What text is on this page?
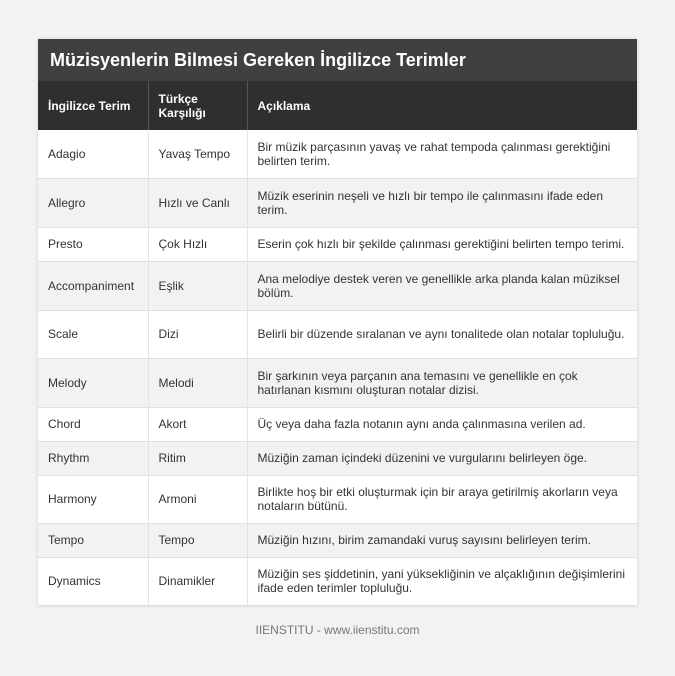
Müzisyenlerin Bilmesi Gereken İngilizce Terimler
İngilizce Terim	Türkçe Karşılığı	Açıklama
Adagio	Yavaş Tempo	Bir müzik parçasının yavaş ve rahat tempoda çalınması gerektiğini belirten terim.
Allegro	Hızlı ve Canlı	Müzik eserinin neşeli ve hızlı bir tempo ile çalınmasını ifade eden terim.
Presto	Çok Hızlı	Eserin çok hızlı bir şekilde çalınması gerektiğini belirten tempo terimi.
Accompaniment	Eşlik	Ana melodiye destek veren ve genellikle arka planda kalan müziksel bölüm.
Scale	Dizi	Belirli bir düzende sıralanan ve aynı tonalitede olan notalar topluluğu.
Melody	Melodi	Bir şarkının veya parçanın ana temasını ve genellikle en çok hatırlanan kısmını oluşturan notalar dizisi.
Chord	Akort	Üç veya daha fazla notanın aynı anda çalınmasına verilen ad.
Rhythm	Ritim	Müziğin zaman içindeki düzenini ve vurgularını belirleyen öge.
Harmony	Armoni	Birlikte hoş bir etki oluşturmak için bir araya getirilmiş akorların veya notaların bütünü.
Tempo	Tempo	Müziğin hızını, birim zamandaki vuruş sayısını belirleyen terim.
Dynamics	Dinamikler	Müziğin ses şiddetinin, yani yüksekliğinin ve alçaklığının değişimlerini ifade eden terimler topluluğu.
IIENSTITU - www.iienstitu.com
